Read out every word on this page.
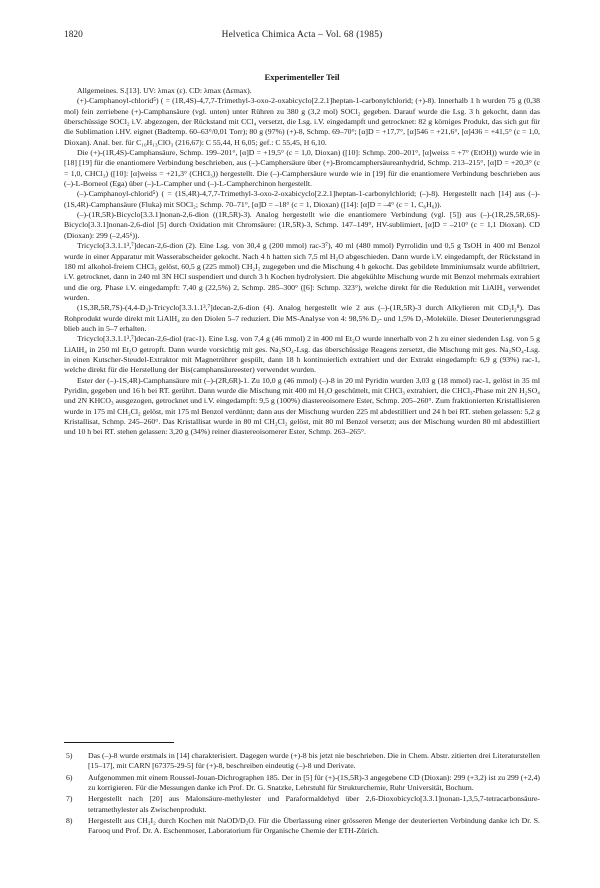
1820	Helvetica Chimica Acta – Vol. 68 (1985)
Experimenteller Teil

Allgemeines. S.[13]. UV: λmax (ε). CD: λmax (Δεmax).

(+)-Camphanoyl-chlorid⁵) ( = (1R,4S)-4,7,7-Trimethyl-3-oxo-2-oxabicyclo[2.2.1]heptan-1-carbonylchlorid; (+)-8). Innerhalb 1 h wurden 75 g (0,38 mol) fein zerriebene (+)-Camphansäure (vgl. unten) unter Rühren zu 380 g (3,2 mol) SOCl₂ gegeben. Darauf wurde die Lsg. 3 h gekocht, dann das überschüssige SOCl₂ i.V. abgezogen, der Rückstand mit CCl₄ versetzt, die Lsg. i.V. eingedampft und getrocknet: 82 g körniges Produkt, das sich gut für die Sublimation i.HV. eignet (Badtemp. 60–63°/0,01 Torr); 80 g (97%) (+)-8, Schmp. 69–70°; [α]D = +17,7°, [α]546 = +21,6°, [α]436 = +41,5° (c = 1,0, Dioxan). Anal. ber. für C₁₀H₁₃ClO₃ (216,67): C 55,44, H 6,05; gef.: C 55,45, H 6,10.

Die (+)-(1R,4S)-Camphansäure, Schmp. 199–201°, [α]D = +19,5° (c = 1,0, Dioxan) ([10]: Schmp. 200–201°, [α]weiss = +7° (EtOH)) wurde wie in [18] [19] für die enantiomere Verbindung beschrieben, aus (–)-Camphersäure über (+)-Bromcamphersäureanhydrid, Schmp. 213–215°, [α]D = +20,3° (c = 1,0, CHCl₃) ([10]: [α]weiss = +21,3° (CHCl₃)) hergestellt. Die (–)-Camphersäure wurde wie in [19] für die enantiomere Verbindung beschrieben aus (–)-L-Borneol (Ega) über (–)-L-Campher und (–)-L-Campherchinon hergestellt.

(–)-Camphanoyl-chlorid⁵) ( = (1S,4R)-4,7,7-Trimethyl-3-oxo-2-oxabicyclo[2.2.1]heptan-1-carbonylchlorid; (–)-8). Hergestellt nach [14] aus (–)-(1S,4R)-Camphansäure (Fluka) mit SOCl₂; Schmp. 70–71°, [α]D = –18° (c = 1, Dioxan) ([14]: [α]D = –4° (c = 1, C₆H₆)).

(–)-(1R,5R)-Bicyclo[3.3.1]nonan-2,6-dion ((1R,5R)-3). Analog hergestellt wie die enantiomere Verbindung (vgl. [5]) aus (–)-(1R,2S,5R,6S)-Bicyclo[3.3.1]nonan-2,6-diol [5] durch Oxidation mit Chromsäure: (1R,5R)-3, Schmp. 147–149°, HV-sublimiert, [α]D = –210° (c = 1,1 Dioxan). CD (Dioxan): 299 (–2,45⁶)).

Tricyclo[3.3.1.1³,⁷]decan-2,6-dion (2). Eine Lsg. von 30,4 g (200 mmol) rac-3⁷), 40 ml (480 mmol) Pyrrolidin und 0,5 g TsOH in 400 ml Benzol wurde in einer Apparatur mit Wasserabscheider gekocht. Nach 4 h hatten sich 7,5 ml H₂O abgeschieden. Dann wurde i.V. eingedampft, der Rückstand in 180 ml alkohol-freiem CHCl₃ gelöst, 60,5 g (225 mmol) CH₂I₂ zugegeben und die Mischung 4 h gekocht. Das gebildete Imminiumsalz wurde abfiltriert, i.V. getrocknet, dann in 240 ml 3N HCl suspendiert und durch 3 h Kochen hydrolysiert. Die abgekühlte Mischung wurde mit Benzol mehrmals extrahiert und die org. Phase i.V. eingedampft: 7,40 g (22,5%) 2, Schmp. 285–300° ([6]: Schmp. 323°), welche direkt für die Reduktion mit LiAlH₄ verwendet wurden.

(1S,3R,5R,7S)-(4,4-D₂)-Tricyclo[3.3.1.1³,⁷]decan-2,6-dion (4). Analog hergestellt wie 2 aus (–)-(1R,5R)-3 durch Alkylieren mit CD₂I₂⁸). Das Rohprodukt wurde direkt mit LiAlH₄ zu den Diolen 5–7 reduziert. Die MS-Analyse von 4: 98,5% D₂- und 1,5% D₁-Moleküle. Dieser Deuterierungsgrad blieb auch in 5–7 erhalten.

Tricyclo[3.3.1.1³,⁷]decan-2,6-diol (rac-1). Eine Lsg. von 7,4 g (46 mmol) 2 in 400 ml Et₂O wurde innerhalb von 2 h zu einer siedenden Lsg. von 5 g LiAlH₄ in 250 ml Et₂O getropft. Dann wurde vorsichtig mit ges. Na₂SO₄-Lsg. das überschüssige Reagens zersetzt, die Mischung mit ges. Na₂SO₄-Lsg. in einen Kutscher-Steudel-Extraktor mit Magnetrührer gespült, dann 18 h kontinuierlich extrahiert und der Extrakt eingedampft: 6,9 g (93%) rac-1, welche direkt für die Herstellung der Bis(camphansäureester) verwendet wurden.

Ester der (–)-1S,4R)-Camphansäure mit (–)-(2R,6R)-1. Zu 10,0 g (46 mmol) (–)-8 in 20 ml Pyridin wurden 3,03 g (18 mmol) rac-1, gelöst in 35 ml Pyridin, gegeben und 16 h bei RT. gerührt. Dann wurde die Mischung mit 400 ml H₂O geschüttelt, mit CHCl₃ extrahiert, die CHCl₃-Phase mit 2N H₂SO₄ und 2N KHCO₃ ausgezogen, getrocknet und i.V. eingedampft: 9,5 g (100%) diastereoisomere Ester, Schmp. 205–260°. Zum fraktionierten Kristallisieren wurde in 175 ml CH₂Cl₂ gelöst, mit 175 ml Benzol verdünnt; dann aus der Mischung wurden 225 ml abdestilliert und 24 h bei RT. stehen gelassen: 5,2 g Kristallisat, Schmp. 245–260°. Das Kristallisat wurde in 80 ml CH₂Cl₂ gelöst, mit 80 ml Benzol versetzt; aus der Mischung wurden 80 ml abdestilliert und 10 h bei RT. stehen gelassen: 3,20 g (34%) reiner diastereoisomerer Ester, Schmp. 263–265°.

5) Das (–)-8 wurde erstmals in [14] charakterisiert. Dagegen wurde (+)-8 bis jetzt nie beschrieben. Die in Chem. Abstr. zitierten drei Literaturstellen [15–17], mit CARN [67375-29-5] für (+)-8, beschreiben eindeutig (–)-8 und Derivate.
6) Aufgenommen mit einem Roussel-Jouan-Dichrographen 185. Der in [5] für (+)-(1S,5R)-3 angegebene CD (Dioxan): 299 (+3,2) ist zu 299 (+2,4) zu korrigieren. Für die Messungen danke ich Prof. Dr. G. Snatzke, Lehrstuhl für Strukturchemie, Ruhr Universität, Bochum.
7) Hergestellt nach [20] aus Malonsäure-methylester und Paraformaldehyd über 2,6-Dioxobicyclo[3.3.1]nonan-1,3,5,7-tetracarbonsäure-tetramethylester als Zwischenprodukt.
8) Hergestellt aus CH₂I₂ durch Kochen mit NaOD/D₂O. Für die Überlassung einer grösseren Menge der deuterierten Verbindung danke ich Dr. S. Farooq und Prof. Dr. A. Eschenmoser, Laboratorium für Organische Chemie der ETH-Zürich.
